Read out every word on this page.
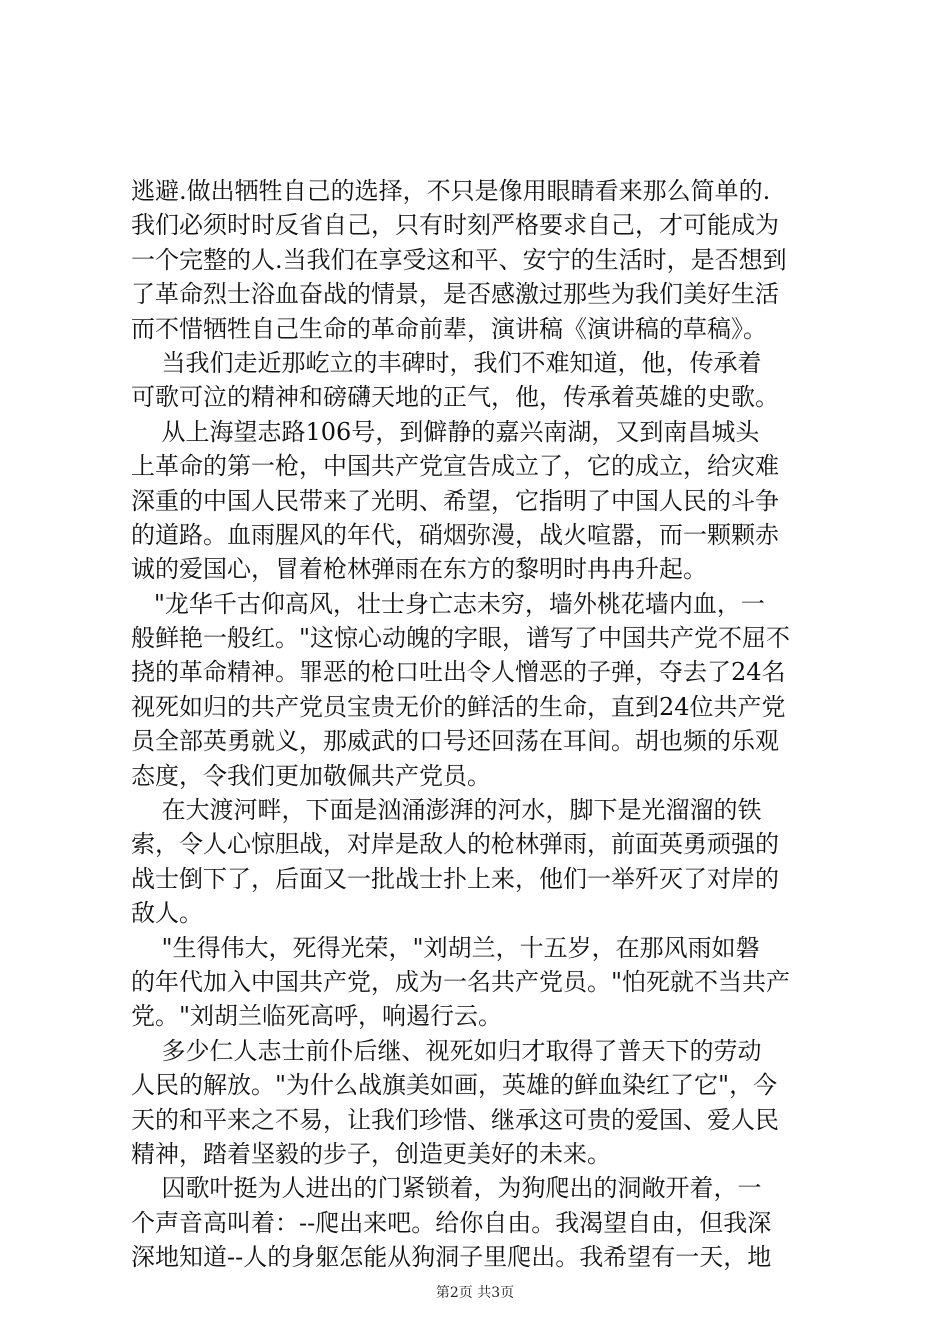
逃避.做出牺牲自己的选择，不只是像用眼睛看来那么简单的.
我们必须时时反省自己，只有时刻严格要求自己，才可能成为
一个完整的人.当我们在享受这和平、安宁的生活时，是否想到
了革命烈士浴血奋战的情景，是否感激过那些为我们美好生活
而不惜牺牲自己生命的革命前辈，演讲稿《演讲稿的草稿》。
当我们走近那屹立的丰碑时，我们不难知道，他，传承着
可歌可泣的精神和磅礴天地的正气，他，传承着英雄的史歌。
从上海望志路106号，到僻静的嘉兴南湖，又到南昌城头
上革命的第一枪，中国共产党宣告成立了，它的成立，给灾难
深重的中国人民带来了光明、希望，它指明了中国人民的斗争
的道路。血雨腥风的年代，硝烟弥漫，战火喧嚣，而一颗颗赤
诚的爱国心，冒着枪林弹雨在东方的黎明时冉冉升起。
"龙华千古仰高风，壮士身亡志未穷，墙外桃花墙内血，一
般鲜艳一般红。"这惊心动魄的字眼，谱写了中国共产党不屈不
挠的革命精神。罪恶的枪口吐出令人憎恶的子弹，夺去了24名
视死如归的共产党员宝贵无价的鲜活的生命，直到24位共产党
员全部英勇就义，那威武的口号还回荡在耳间。胡也频的乐观
态度，令我们更加敬佩共产党员。
在大渡河畔，下面是汹涌澎湃的河水，脚下是光溜溜的铁
索，令人心惊胆战，对岸是敌人的枪林弹雨，前面英勇顽强的
战士倒下了，后面又一批战士扑上来，他们一举歼灭了对岸的
敌人。
"生得伟大，死得光荣，"刘胡兰，十五岁，在那风雨如磐
的年代加入中国共产党，成为一名共产党员。"怕死就不当共产
党。"刘胡兰临死高呼，响遏行云。
多少仁人志士前仆后继、视死如归才取得了普天下的劳动
人民的解放。"为什么战旗美如画，英雄的鲜血染红了它"，今
天的和平来之不易，让我们珍惜、继承这可贵的爱国、爱人民
精神，踏着坚毅的步子，创造更美好的未来。
囚歌叶挺为人进出的门紧锁着，为狗爬出的洞敞开着，一
个声音高叫着：--爬出来吧。给你自由。我渴望自由，但我深
深地知道--人的身躯怎能从狗洞子里爬出。我希望有一天，地
第2页 共3页
